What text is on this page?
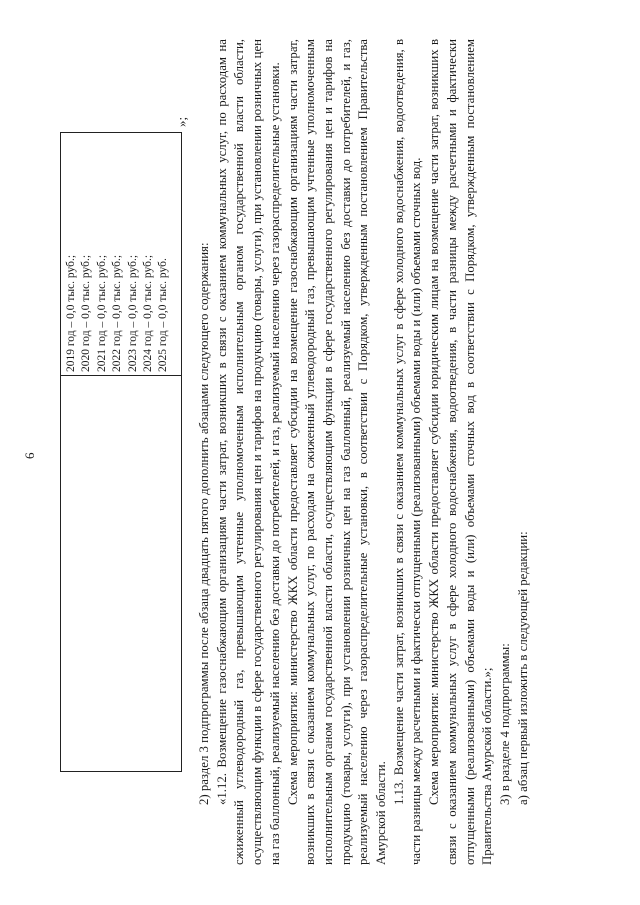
6
2019 год – 0,0 тыс. руб.; 2020 год – 0,0 тыс. руб.; 2021 год – 0,0 тыс. руб.; 2022 год – 0,0 тыс. руб.; 2023 год – 0,0 тыс. руб.; 2024 год – 0,0 тыс. руб.; 2025 год – 0,0 тыс. руб.
»;

2) раздел 3 подпрограммы после абзаца двадцать пятого дополнить абзацами следующего содержания: «1.12. Возмещение газоснабжающим организациям части затрат, возникших в связи с оказанием коммунальных услуг, по расходам на сжиженный углеводородный газ, превышающим учтенные уполномоченным исполнительным органом государственной власти области, осуществляющим функции в сфере государственного регулирования цен и тарифов на продукцию (товары, услуги), при установлении розничных цен на газ баллонный, реализуемый населению без доставки до потребителей, и газ, реализуемый населению через газораспределительные установки. Схема мероприятия: министерство ЖКХ области предоставляет субсидии на возмещение газоснабжающим организациям части затрат, возникших в связи с оказанием коммунальных услуг, по расходам на сжиженный углеводородный газ, превышающим учтенные уполномоченным исполнительным органом государственной власти области, осуществляющим функции в сфере государственного регулирования цен и тарифов на продукцию (товары, услуги), при установлении розничных цен на газ баллонный, реализуемый населению без доставки до потребителей, и газ, реализуемый населению через газораспределительные установки, в соответствии с Порядком, утвержденным постановлением Правительства Амурской области.

1.13. Возмещение части затрат, возникших в связи с оказанием коммунальных услуг в сфере холодного водоснабжения, водоотведения, в части разницы между расчетными и фактически отпущенными (реализованными) объемами воды и (или) объемами сточных вод. Схема мероприятия: министерство ЖКХ области предоставляет субсидии юридическим лицам на возмещение части затрат, возникших в связи с оказанием коммунальных услуг в сфере холодного водоснабжения, водоотведения, в части разницы между расчетными и фактически отпущенными (реализованными) объемами воды и (или) объемами сточных вод в соответствии с Порядком, утвержденным постановлением Правительства Амурской области.»; 3) в разделе 4 подпрограммы: а) абзац первый изложить в следующей редакции:
